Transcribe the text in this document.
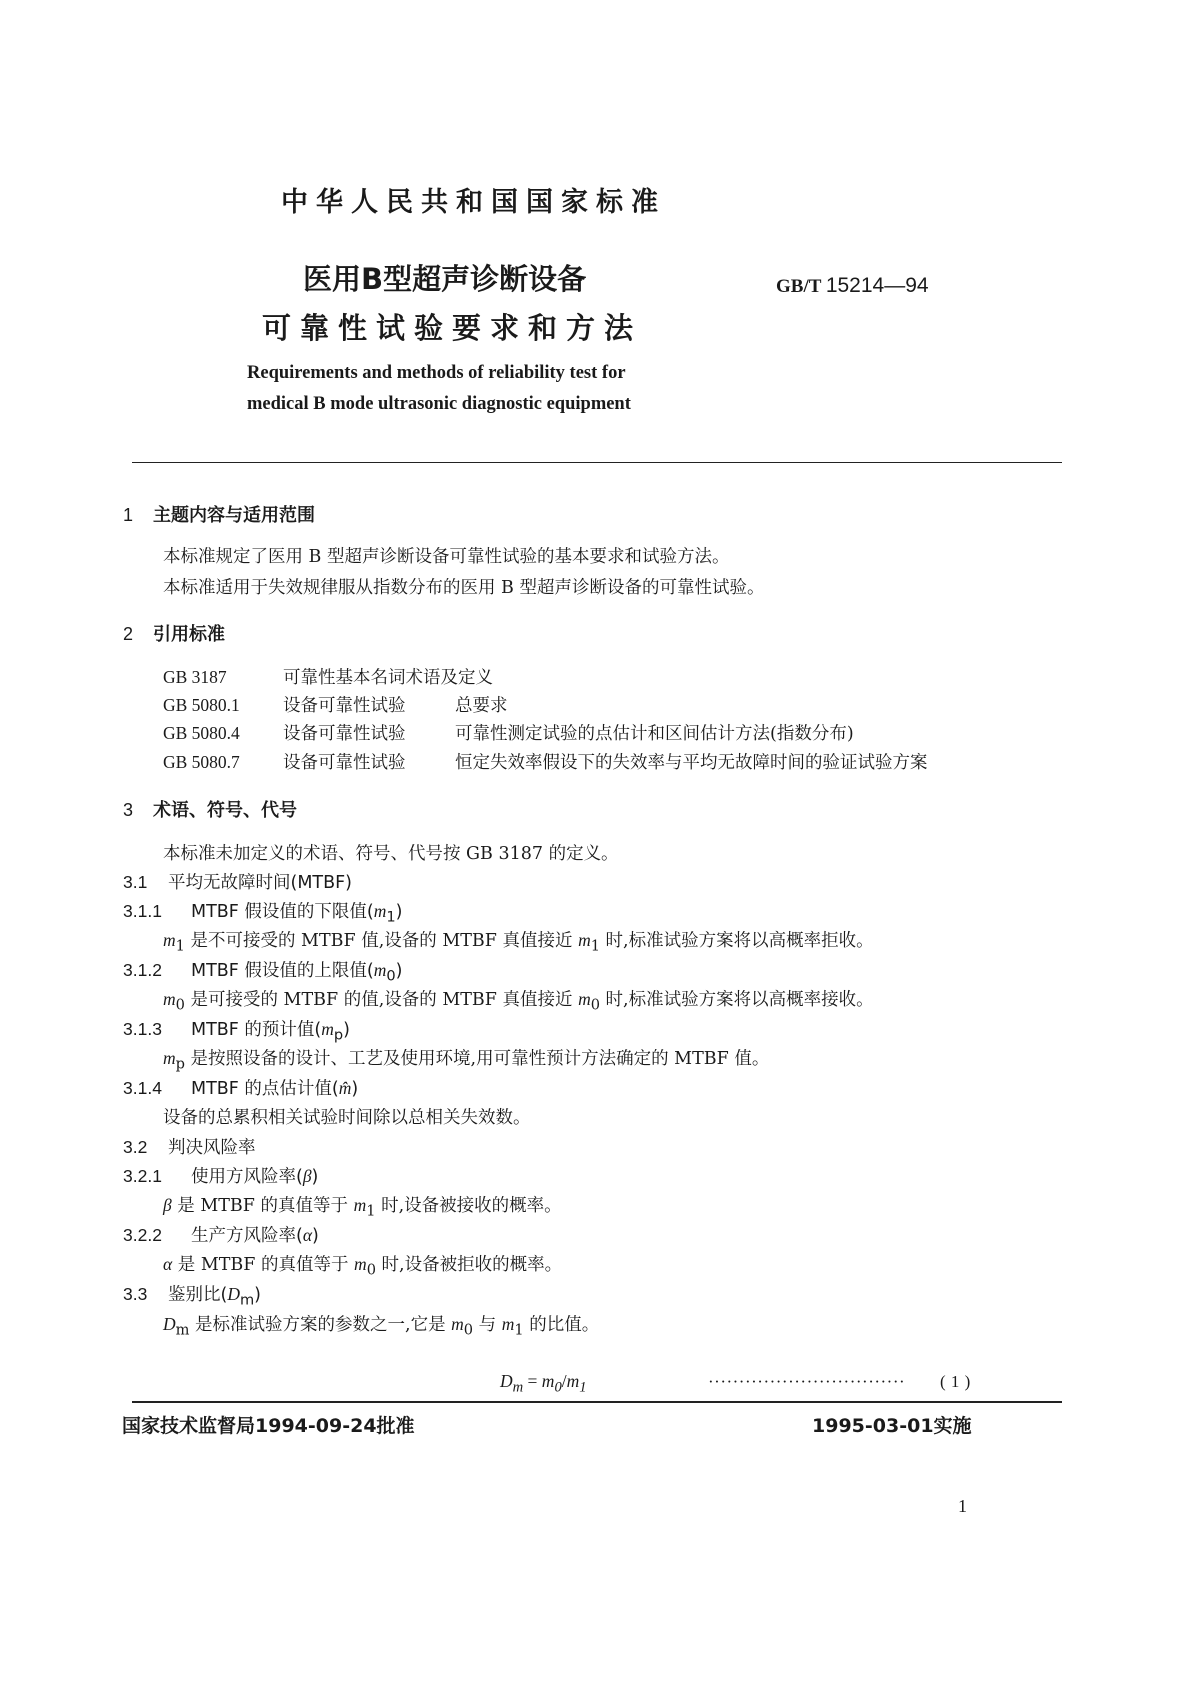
中华人民共和国国家标准
医用B型超声诊断设备
可靠性试验要求和方法
GB/T 15214—94
Requirements and methods of reliability test for
medical B mode ultrasonic diagnostic equipment
1 主题内容与适用范围
本标准规定了医用 B 型超声诊断设备可靠性试验的基本要求和试验方法。
本标准适用于失效规律服从指数分布的医用 B 型超声诊断设备的可靠性试验。
2 引用标准
GB 3187	可靠性基本名词术语及定义
GB 5080.1 设备可靠性试验	总要求
GB 5080.4 设备可靠性试验	可靠性测定试验的点估计和区间估计方法(指数分布)
GB 5080.7 设备可靠性试验	恒定失效率假设下的失效率与平均无故障时间的验证试验方案
3 术语、符号、代号
本标准未加定义的术语、符号、代号按 GB 3187 的定义。
3.1 平均无故障时间(MTBF)
3.1.1 MTBF 假设值的下限值$(m_1)$
$m_1$ 是不可接受的 MTBF 值,设备的 MTBF 真值接近 $m_1$ 时,标准试验方案将以高概率拒收。
3.1.2 MTBF 假设值的上限值$(m_0)$
$m_0$ 是可接受的 MTBF 的值,设备的 MTBF 真值接近 $m_0$ 时,标准试验方案将以高概率接收。
3.1.3 MTBF 的预计值$(m_p)$
$m_p$ 是按照设备的设计、工艺及使用环境,用可靠性预计方法确定的 MTBF 值。
3.1.4 MTBF 的点估计值(m̂)
设备的总累积相关试验时间除以总相关失效数。
3.2 判决风险率
3.2.1 使用方风险率(β)
β 是 MTBF 的真值等于 $m_1$ 时,设备被接收的概率。
3.2.2 生产方风险率(α)
α 是 MTBF 的真值等于 $m_0$ 时,设备被拒收的概率。
3.3 鉴别比$(D_m)$
$D_m$ 是标准试验方案的参数之一,它是 $m_0$ 与 $m_1$ 的比值。
$D_m = m_0/m_1$	································ ( 1 )
国家技术监督局1994-09-24批准	1995-03-01实施
1
